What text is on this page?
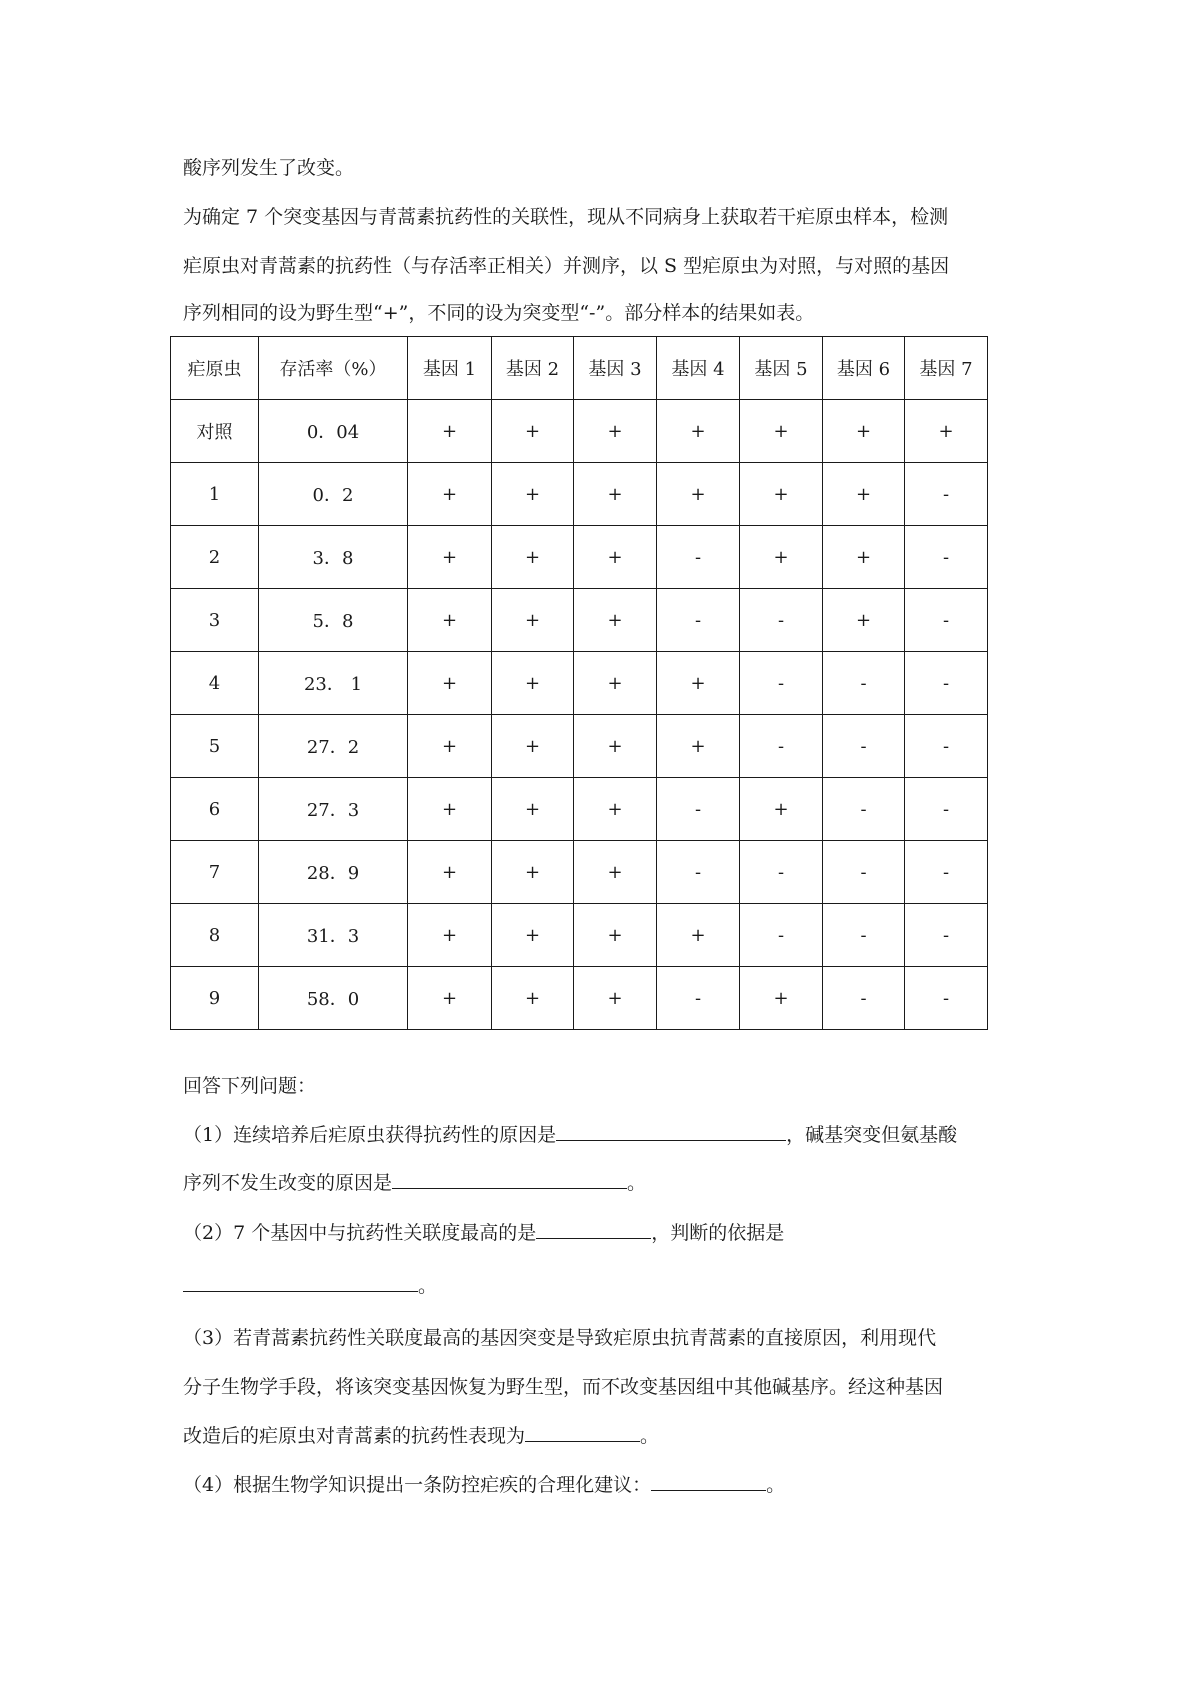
酸序列发生了改变。
为确定 7 个突变基因与青蒿素抗药性的关联性，现从不同病身上获取若干疟原虫样本，检测
疟原虫对青蒿素的抗药性（与存活率正相关）并测序，以 S 型疟原虫为对照，与对照的基因
序列相同的设为野生型“+”，不同的设为突变型“-”。部分样本的结果如表。
疟原虫	存活率（%）	基因 1	基因 2	基因 3	基因 4	基因 5	基因 6	基因 7
对照	0．04	+	+	+	+	+	+	+
1	0．2	+	+	+	+	+	+	-
2	3．8	+	+	+	-	+	+	-
3	5．8	+	+	+	-	-	+	-
4	23． 1	+	+	+	+	-	-	-
5	27．2	+	+	+	+	-	-	-
6	27．3	+	+	+	-	+	-	-
7	28．9	+	+	+	-	-	-	-
8	31．3	+	+	+	+	-	-	-
9	58．0	+	+	+	-	+	-	-
回答下列问题：
（1）连续培养后疟原虫获得抗药性的原因是	，碱基突变但氨基酸
序列不发生改变的原因是	。
（2）7 个基因中与抗药性关联度最高的是	，判断的依据是
。
（3）若青蒿素抗药性关联度最高的基因突变是导致疟原虫抗青蒿素的直接原因，利用现代
分子生物学手段，将该突变基因恢复为野生型，而不改变基因组中其他碱基序。经这种基因
改造后的疟原虫对青蒿素的抗药性表现为	。
（4）根据生物学知识提出一条防控疟疾的合理化建议：	。
